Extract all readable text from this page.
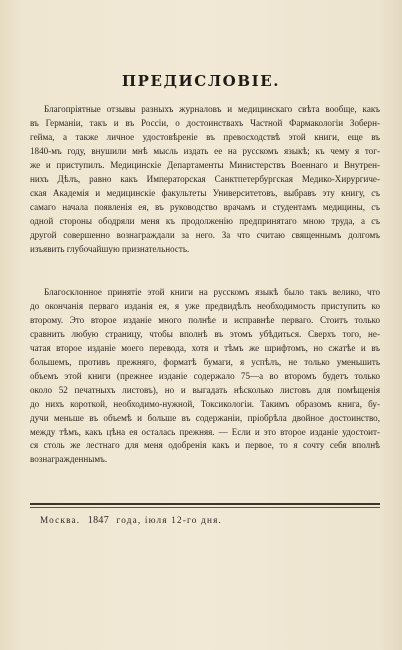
ПРЕДИСЛОВІЕ.
Благопріятные отзывы разныхъ журналовъ и медицинскаго свѣта вообще, какъ
въ Германіи, такъ и въ Россіи, о достоинствахъ Частной Фармакологіи Зоберн-
гейма, а также личное удостовѣреніе въ превосходствѣ этой книги, еще въ
1840-мъ году, внушили мнѣ мысль издать ее на русскомъ языкѣ; къ чему я тог-
же и приступилъ. Медицинскіе Департаменты Министерствъ Военнаго и Внутрен-
нихъ Дѣлъ, равно какъ Императорская Санктпетербургская Медико-Хирургиче-
ская Академія и медицинскіе факультеты Университетовъ, выбравъ эту книгу, съ
самаго начала появленія ея, въ руководство врачамъ и студентамъ медицины, съ
одной стороны ободряли меня къ продолженію предпринятаго мною труда, а съ
другой совершенно вознаграждали за него. За что считаю священнымъ долгомъ
изъявить глубочайшую признательность.
Благосклонное принятіе этой книги на русскомъ языкѣ было такъ велико, что
до окончанія перваго изданія ея, я уже предвидѣлъ необходимость приступить ко
второму. Это второе изданіе много полнѣе и исправнѣе перваго. Стоитъ только
сравнить любую страницу, чтобы вполнѣ въ этомъ убѣдиться. Сверхъ того, не-
чатая второе изданіе моего перевода, хотя и тѣмъ же шрифтомъ, но сжатѣе и въ
большемъ, противъ прежняго, форматѣ бумаги, я успѣлъ, не только уменьшить
объемъ этой книги (прежнее изданіе содержало 75—а во второмъ будетъ только
около 52 печатныхъ листовъ), но и выгадать нѣсколько листовъ для помѣщенія
до нихъ короткой, необходимо-нужной, Токсикологіи. Такимъ образомъ книга, бу-
дучи меньше въ объемѣ и больше въ содержаніи, пріобрѣла двойное достоинство,
между тѣмъ, какъ цѣна ея осталась прежняя. — Если и это второе изданіе удостоит-
ся столь же лестнаго для меня одобренія какъ и первое, то я сочту себя вполнѣ
вознагражденнымъ.
Москва. 1847 года, іюля 12-го дня.
